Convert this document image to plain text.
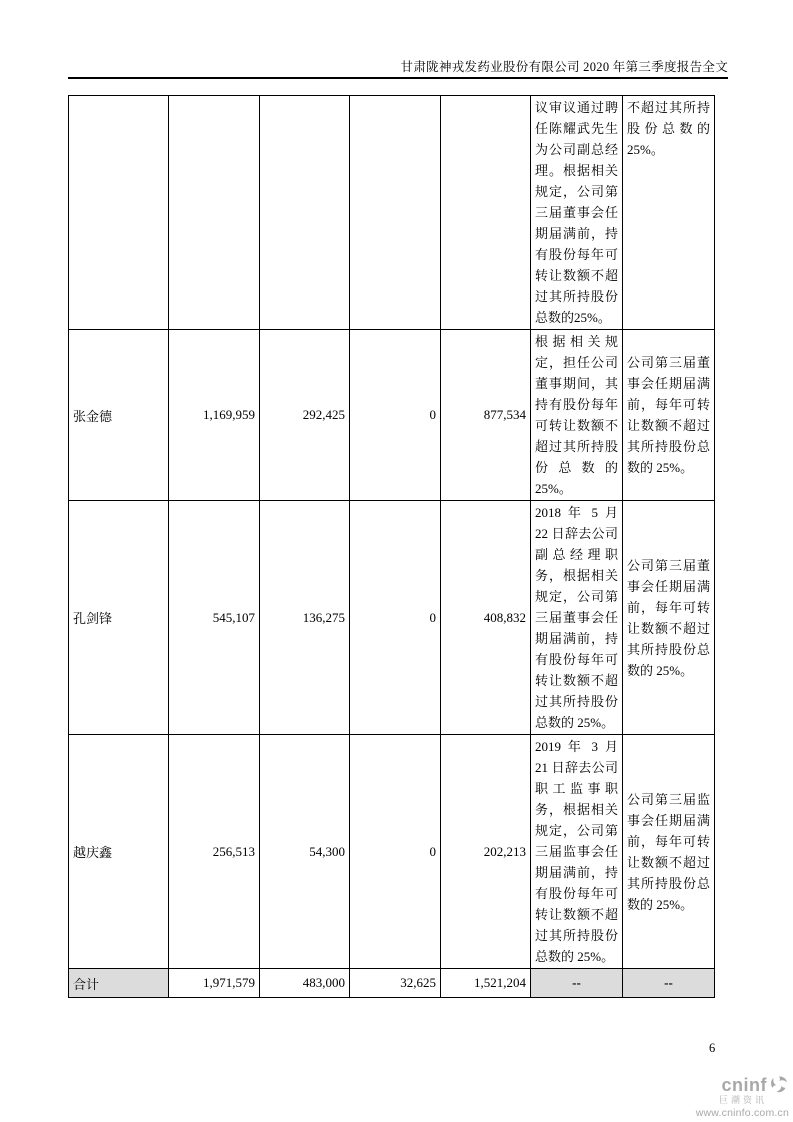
甘肃陇神戎发药业股份有限公司 2020 年第三季度报告全文
					议审议通过聘任陈耀武先生为公司副总经理。根据相关规定，公司第三届董事会任期届满前，持有股份每年可转让数额不超过其所持股份总数的25%。	不超过其所持股份总数的 25%。
张金德	1,169,959	292,425	0	877,534	根据相关规定，担任公司董事期间，其持有股份每年可转让数额不超过其所持股份总数的 25%。	公司第三届董事会任期届满前，每年可转让数额不超过其所持股份总数的 25%。
孔剑锋	545,107	136,275	0	408,832	2018 年 5 月 22 日辞去公司副总经理职务，根据相关规定，公司第三届董事会任期届满前，持有股份每年可转让数额不超过其所持股份总数的 25%。	公司第三届董事会任期届满前，每年可转让数额不超过其所持股份总数的 25%。
越庆鑫	256,513	54,300	0	202,213	2019 年 3 月 21 日辞去公司职工监事职务，根据相关规定，公司第三届监事会任期届满前，持有股份每年可转让数额不超过其所持股份总数的 25%。	公司第三届监事会任期届满前，每年可转让数额不超过其所持股份总数的 25%。
合计	1,971,579	483,000	32,625	1,521,204	--	--
6
cninf
巨潮资讯
www.cninfo.com.cn
